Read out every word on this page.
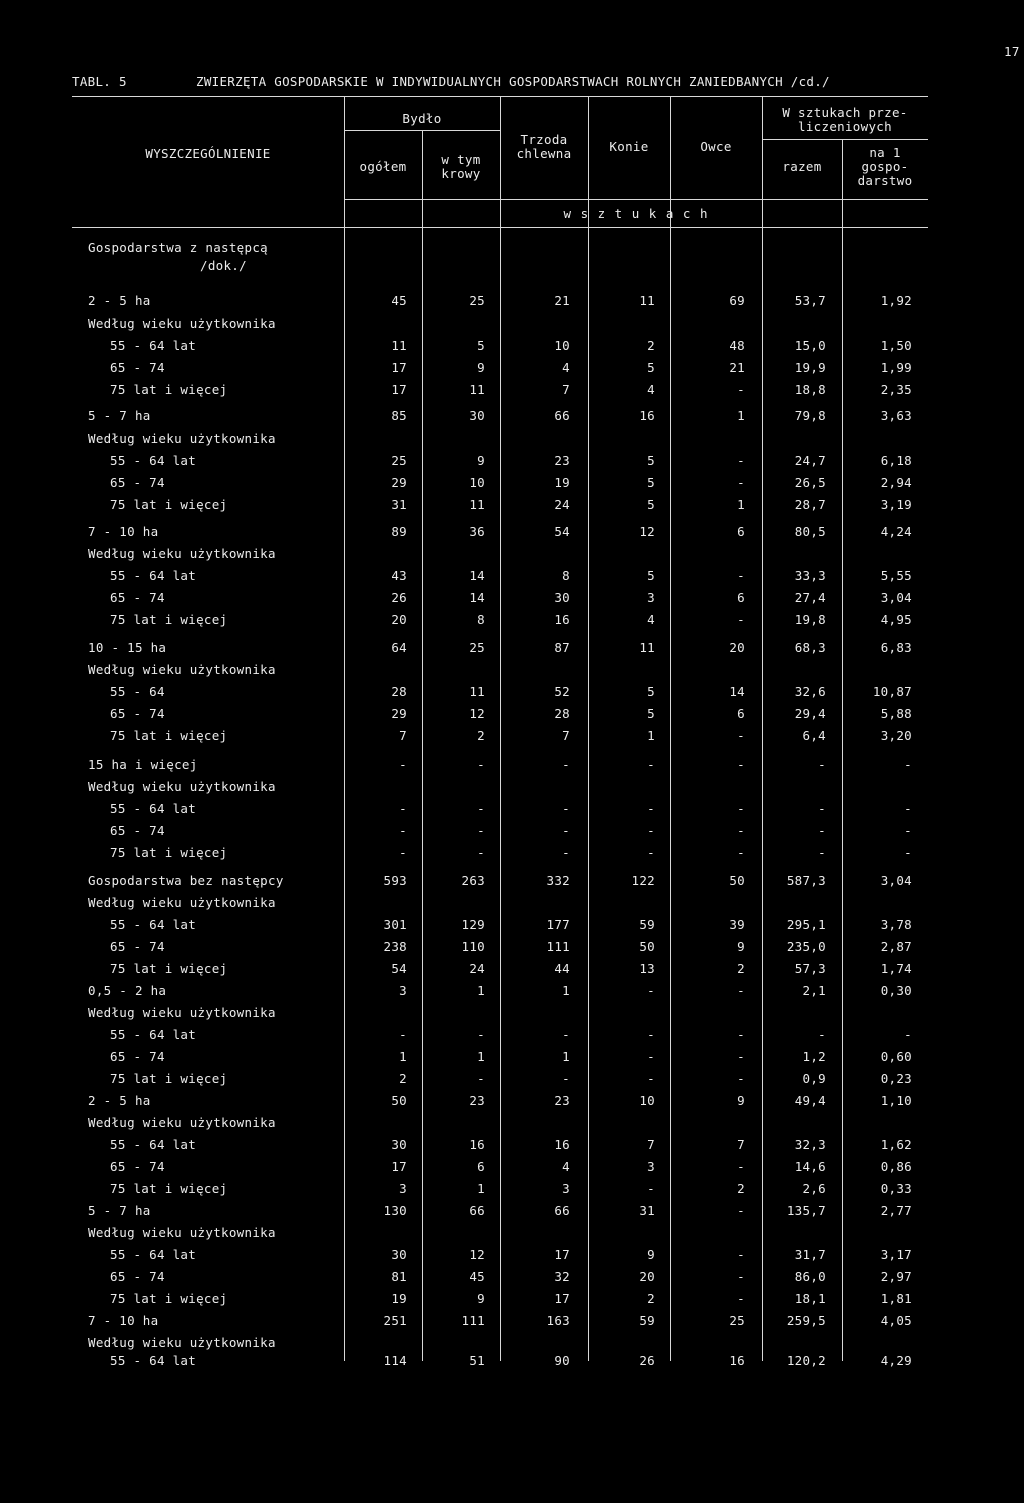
17
TABL. 5	ZWIERZĘTA GOSPODARSKIE W INDYWIDUALNYCH GOSPODARSTWACH ROLNYCH ZANIEDBANYCH /cd./
WYSZCZEGÓLNIENIE
Bydło
ogółem	w tym
krowy
Trzoda
chlewna	Konie	Owce
W sztukach prze-
liczeniowych
razem
na 1
gospo-
darstwo
w s z t u k a c h
Gospodarstwa z następcą
/dok./
2 - 5 ha	45	25	21	11	69	53,7	1,92
Według wieku użytkownika
55 - 64 lat	11	5	10	2	48	15,0	1,50
65 - 74	17	9	4	5	21	19,9	1,99
75 lat i więcej	17	11	7	4	-	18,8	2,35
5 - 7 ha	85	30	66	16	1	79,8	3,63
Według wieku użytkownika
55 - 64 lat	25	9	23	5	-	24,7	6,18
65 - 74	29	10	19	5	-	26,5	2,94
75 lat i więcej	31	11	24	5	1	28,7	3,19
7 - 10 ha	89	36	54	12	6	80,5	4,24
Według wieku użytkownika
55 - 64 lat	43	14	8	5	-	33,3	5,55
65 - 74	26	14	30	3	6	27,4	3,04
75 lat i więcej	20	8	16	4	-	19,8	4,95
10 - 15 ha	64	25	87	11	20	68,3	6,83
Według wieku użytkownika
55 - 64	28	11	52	5	14	32,6	10,87
65 - 74	29	12	28	5	6	29,4	5,88
75 lat i więcej	7	2	7	1	-	6,4	3,20
15 ha i więcej	-	-	-	-	-	-	-
Według wieku użytkownika
55 - 64 lat	-	-	-	-	-	-	-
65 - 74	-	-	-	-	-	-	-
75 lat i więcej	-	-	-	-	-	-	-
Gospodarstwa bez następcy	593	263	332	122	50	587,3	3,04
Według wieku użytkownika
55 - 64 lat	301	129	177	59	39	295,1	3,78
65 - 74	238	110	111	50	9	235,0	2,87
75 lat i więcej	54	24	44	13	2	57,3	1,74
0,5 - 2 ha	3	1	1	-	-	2,1	0,30
Według wieku użytkownika
55 - 64 lat	-	-	-	-	-	-	-
65 - 74	1	1	1	-	-	1,2	0,60
75 lat i więcej	2	-	-	-	-	0,9	0,23
2 - 5 ha	50	23	23	10	9	49,4	1,10
Według wieku użytkownika
55 - 64 lat	30	16	16	7	7	32,3	1,62
65 - 74	17	6	4	3	-	14,6	0,86
75 lat i więcej	3	1	3	-	2	2,6	0,33
5 - 7 ha	130	66	66	31	-	135,7	2,77
Według wieku użytkownika
55 - 64 lat	30	12	17	9	-	31,7	3,17
65 - 74	81	45	32	20	-	86,0	2,97
75 lat i więcej	19	9	17	2	-	18,1	1,81
7 - 10 ha	251	111	163	59	25	259,5	4,05
Według wieku użytkownika
55 - 64 lat	114	51	90	26	16	120,2	4,29
